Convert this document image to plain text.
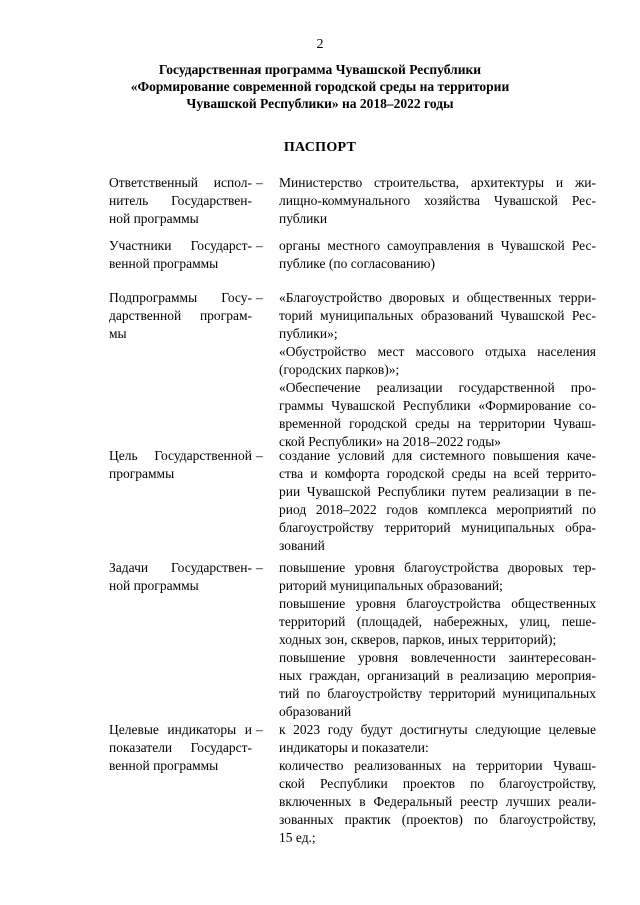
2
Государственная программа Чувашской Республики
«Формирование современной городской среды на территории
Чувашской Республики» на 2018–2022 годы
ПАСПОРТ
Ответственный испол-
нитель Государствен-
ной программы
– Министерство строительства, архитектуры и жи-
лищно-коммунального хозяйства Чувашской Рес-
публики

Участники Государст-
венной программы
– органы местного самоуправления в Чувашской Рес-
публике (по согласованию)

Подпрограммы Госу-
дарственной програм-
мы
– «Благоустройство дворовых и общественных терри-
торий муниципальных образований Чувашской Рес-
публики»;

«Обустройство мест массового отдыха населения
(городских парков)»;

«Обеспечение реализации государственной про-
граммы Чувашской Республики «Формирование со-
временной городской среды на территории Чуваш-
ской Республики» на 2018–2022 годы»

Цель Государственной
программы
– создание условий для системного повышения каче-
ства и комфорта городской среды на всей террито-
рии Чувашской Республики путем реализации в пе-
риод 2018–2022 годов комплекса мероприятий по
благоустройству территорий муниципальных обра-
зований

Задачи Государствен-
ной программы
– повышение уровня благоустройства дворовых тер-
риторий муниципальных образований;

повышение уровня благоустройства общественных
территорий (площадей, набережных, улиц, пеше-
ходных зон, скверов, парков, иных территорий);

повышение уровня вовлеченности заинтересован-
ных граждан, организаций в реализацию мероприя-
тий по благоустройству территорий муниципальных
образований

Целевые индикаторы и
показатели Государст-
венной программы
– к 2023 году будут достигнуты следующие целевые
индикаторы и показатели:

количество реализованных на территории Чуваш-
ской Республики проектов по благоустройству,
включенных в Федеральный реестр лучших реали-
зованных практик (проектов) по благоустройству,
15 ед.;
